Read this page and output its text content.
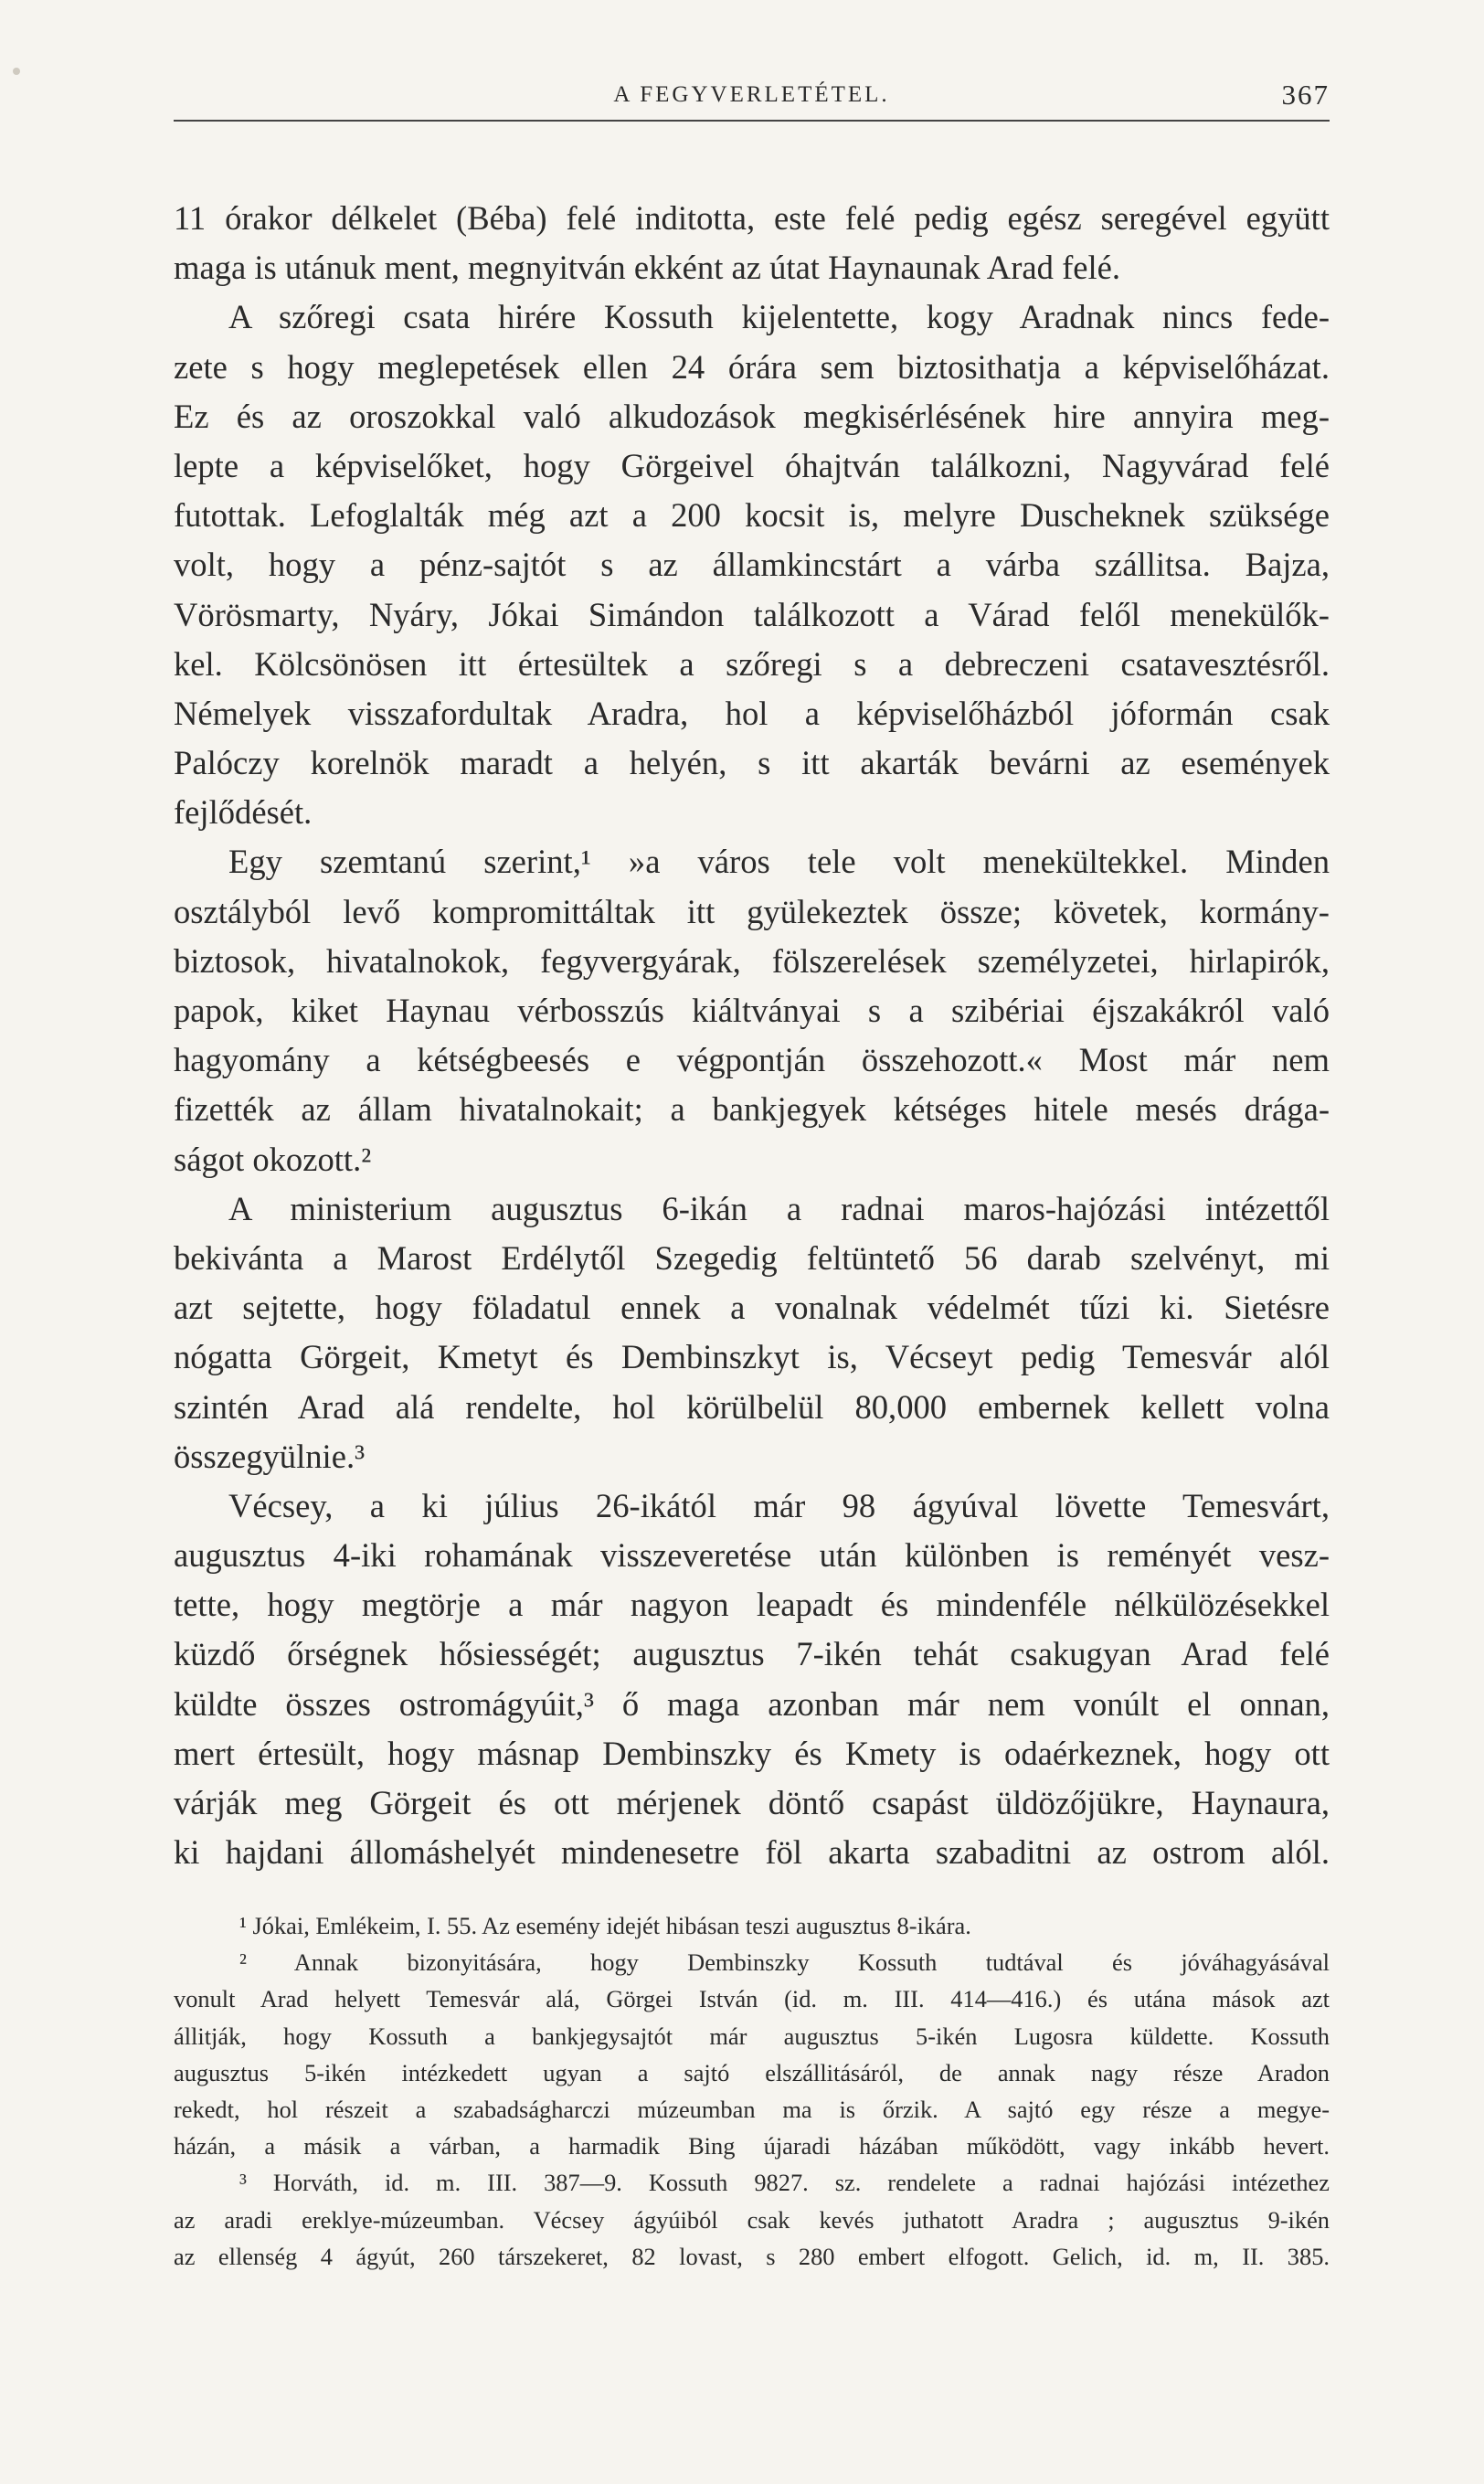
A FEGYVERLETÉTEL.	367
11 órakor délkelet (Béba) felé inditotta, este felé pedig egész seregével együtt
maga is utánuk ment, megnyitván ekként az útat Haynaunak Arad felé.
A szőregi csata hirére Kossuth kijelentette, kogy Aradnak nincs fede-
zete s hogy meglepetések ellen 24 órára sem biztosithatja a képviselőházat.
Ez és az oroszokkal való alkudozások megkisérlésének hire annyira meg-
lepte a képviselőket, hogy Görgeivel óhajtván találkozni, Nagyvárad felé
futottak. Lefoglalták még azt a 200 kocsit is, melyre Duscheknek szüksége
volt, hogy a pénz-sajtót s az államkincstárt a várba szállitsa. Bajza,
Vörösmarty, Nyáry, Jókai Simándon találkozott a Várad felől menekülők-
kel. Kölcsönösen itt értesültek a szőregi s a debreczeni csatavesztésről.
Némelyek visszafordultak Aradra, hol a képviselőházból jóformán csak
Palóczy korelnök maradt a helyén, s itt akarták bevárni az események
fejlődését.
Egy szemtanú szerint,¹ »a város tele volt menekültekkel. Minden
osztályból levő kompromittáltak itt gyülekeztek össze; követek, kormány-
biztosok, hivatalnokok, fegyvergyárak, fölszerelések személyzetei, hirlapirók,
papok, kiket Haynau vérbosszús kiáltványai s a szibériai éjszakákról való
hagyomány a kétségbeesés e végpontján összehozott.« Most már nem
fizették az állam hivatalnokait; a bankjegyek kétséges hitele mesés drága-
ságot okozott.²
A ministerium augusztus 6-ikán a radnai maros-hajózási intézettől
bekivánta a Marost Erdélytől Szegedig feltüntető 56 darab szelvényt, mi
azt sejtette, hogy föladatul ennek a vonalnak védelmét tűzi ki. Sietésre
nógatta Görgeit, Kmetyt és Dembinszkyt is, Vécseyt pedig Temesvár alól
szintén Arad alá rendelte, hol körülbelül 80,000 embernek kellett volna
összegyülnie.³
Vécsey, a ki július 26-ikától már 98 ágyúval lövette Temesvárt,
augusztus 4-iki rohamának visszeveretése után különben is reményét vesz-
tette, hogy megtörje a már nagyon leapadt és mindenféle nélkülözésekkel
küzdő őrségnek hősiességét; augusztus 7-ikén tehát csakugyan Arad felé
küldte összes ostromágyúit,³ ő maga azonban már nem vonúlt el onnan,
mert értesült, hogy másnap Dembinszky és Kmety is odaérkeznek, hogy ott
várják meg Görgeit és ott mérjenek döntő csapást üldözőjükre, Haynaura,
ki hajdani állomáshelyét mindenesetre föl akarta szabaditni az ostrom alól.
¹ Jókai, Emlékeim, I. 55. Az esemény idejét hibásan teszi augusztus 8-ikára.
² Annak bizonyitására, hogy Dembinszky Kossuth tudtával és jóváhagyásával
vonult Arad helyett Temesvár alá, Görgei István (id. m. III. 414—416.) és utána mások azt
állitják, hogy Kossuth a bankjegysajtót már augusztus 5-ikén Lugosra küldette. Kossuth
augusztus 5-ikén intézkedett ugyan a sajtó elszállitásáról, de annak nagy része Aradon
rekedt, hol részeit a szabadságharczi múzeumban ma is őrzik. A sajtó egy része a megye-
házán, a másik a várban, a harmadik Bing újaradi házában működött, vagy inkább hevert.
³ Horváth, id. m. III. 387—9. Kossuth 9827. sz. rendelete a radnai hajózási intézethez
az aradi ereklye-múzeumban. Vécsey ágyúiból csak kevés juthatott Aradra ; augusztus 9-ikén
az ellenség 4 ágyút, 260 társzekeret, 82 lovast, s 280 embert elfogott. Gelich, id. m, II. 385.
